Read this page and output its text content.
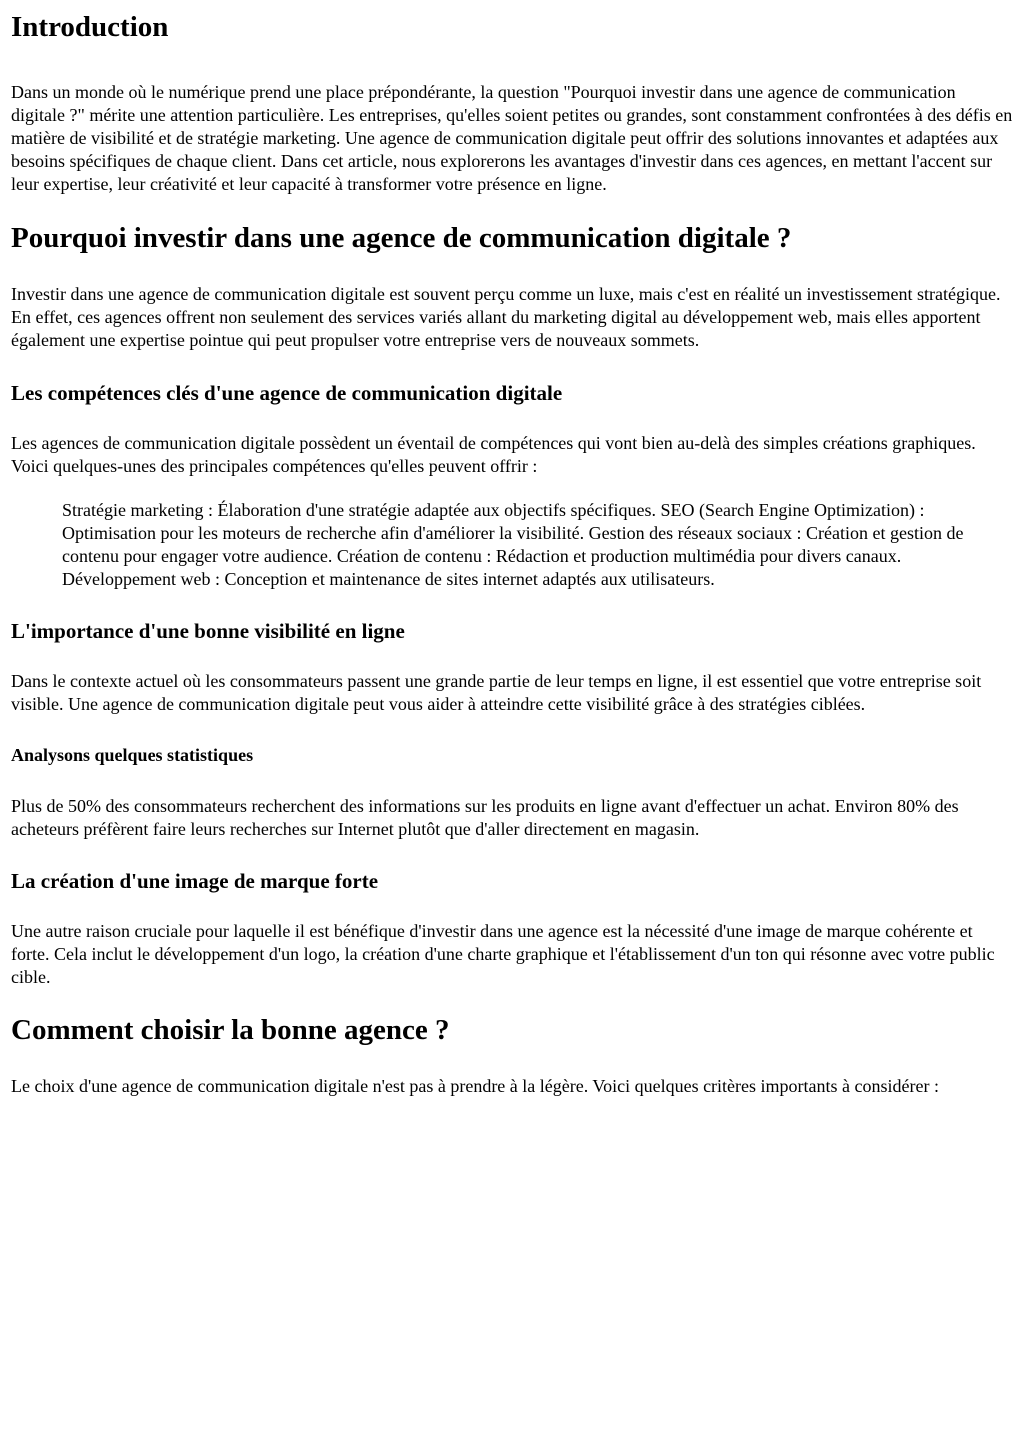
Introduction

Dans un monde où le numérique prend une place prépondérante, la question "Pourquoi investir dans une agence de communication digitale ?" mérite une attention particulière. Les entreprises, qu'elles soient petites ou grandes, sont constamment confrontées à des défis en matière de visibilité et de stratégie marketing. Une agence de communication digitale peut offrir des solutions innovantes et adaptées aux besoins spécifiques de chaque client. Dans cet article, nous explorerons les avantages d'investir dans ces agences, en mettant l'accent sur leur expertise, leur créativité et leur capacité à transformer votre présence en ligne.

Pourquoi investir dans une agence de communication digitale ?

Investir dans une agence de communication digitale est souvent perçu comme un luxe, mais c'est en réalité un investissement stratégique. En effet, ces agences offrent non seulement des services variés allant du marketing digital au développement web, mais elles apportent également une expertise pointue qui peut propulser votre entreprise vers de nouveaux sommets.

Les compétences clés d'une agence de communication digitale

Les agences de communication digitale possèdent un éventail de compétences qui vont bien au-delà des simples créations graphiques. Voici quelques-unes des principales compétences qu'elles peuvent offrir :

Stratégie marketing : Élaboration d'une stratégie adaptée aux objectifs spécifiques. SEO (Search Engine Optimization) : Optimisation pour les moteurs de recherche afin d'améliorer la visibilité. Gestion des réseaux sociaux : Création et gestion de contenu pour engager votre audience. Création de contenu : Rédaction et production multimédia pour divers canaux. Développement web : Conception et maintenance de sites internet adaptés aux utilisateurs.

L'importance d'une bonne visibilité en ligne

Dans le contexte actuel où les consommateurs passent une grande partie de leur temps en ligne, il est essentiel que votre entreprise soit visible. Une agence de communication digitale peut vous aider à atteindre cette visibilité grâce à des stratégies ciblées.

Analysons quelques statistiques

Plus de 50% des consommateurs recherchent des informations sur les produits en ligne avant d'effectuer un achat. Environ 80% des acheteurs préfèrent faire leurs recherches sur Internet plutôt que d'aller directement en magasin.

La création d'une image de marque forte

Une autre raison cruciale pour laquelle il est bénéfique d'investir dans une agence est la nécessité d'une image de marque cohérente et forte. Cela inclut le développement d'un logo, la création d'une charte graphique et l'établissement d'un ton qui résonne avec votre public cible.

Comment choisir la bonne agence ?

Le choix d'une agence de communication digitale n'est pas à prendre à la légère. Voici quelques critères importants à considérer :
